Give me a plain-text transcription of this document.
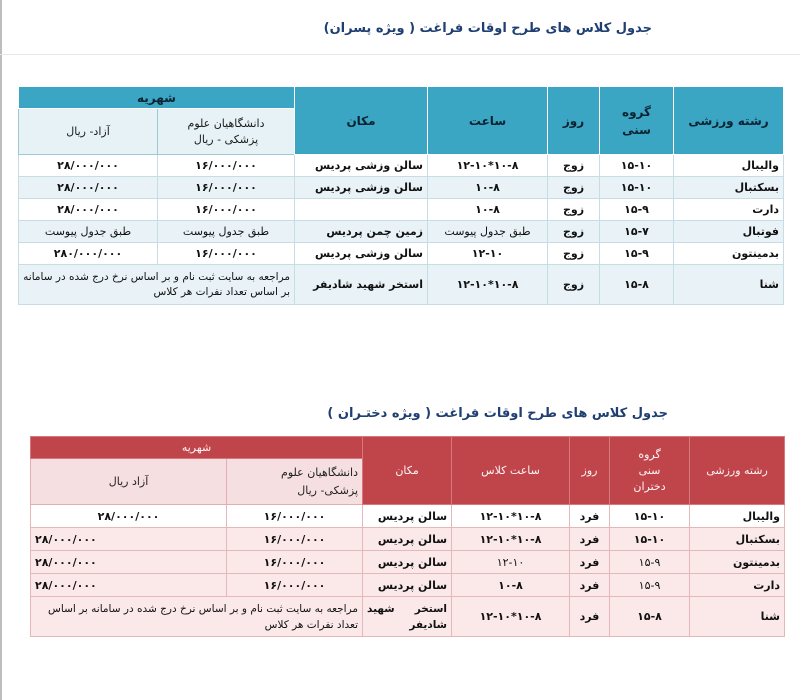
جدول کلاس های طرح اوقات فراغت ( ویژه پسران)
رشته ورزشی	گروه
سنی	روز	ساعت	مکان	شهریه	
					دانشگاهیان علوم
پزشکی - ریال	آزاد- ریال
والیبال	۱۵-۱۰	زوج	۱۰-۸*۱۲-۱۰	سالن وزشی پردیس	۱۶/۰۰۰/۰۰۰	۲۸/۰۰۰/۰۰۰
بسکتبال	۱۵-۱۰	زوج	۱۰-۸	سالن وزشی پردیس	۱۶/۰۰۰/۰۰۰	۲۸/۰۰۰/۰۰۰
دارت	۱۵-۹	زوج	۱۰-۸		۱۶/۰۰۰/۰۰۰	۲۸/۰۰۰/۰۰۰
فوتبال	۱۵-۷	زوج	طبق جدول پیوست	زمین چمن پردیس	طبق جدول پیوست	طبق جدول پیوست
بدمینتون	۱۵-۹	زوج	۱۲-۱۰	سالن وزشی پردیس	۱۶/۰۰۰/۰۰۰	۲۸۰/۰۰۰/۰۰۰
شنا	۱۵-۸	زوج	۱۰-۸*۱۲-۱۰	استخر شهید شادیفر	مراجعه به سایت ثبت نام و بر اساس نرخ درج شده در سامانه بر اساس تعداد نفرات هر کلاس	
جدول کلاس های طرح اوقات فراغت ( ویژه دختـران )
رشته ورزشی	گروه
سنی
دختران	روز	ساعت کلاس	مکان	شهریه	
					دانشگاهیان علوم
پزشکی- ریال	آزاد ریال
والیبال	۱۵-۱۰	فرد	۱۰-۸*۱۲-۱۰	سالن پردیس	۱۶/۰۰۰/۰۰۰	۲۸/۰۰۰/۰۰۰
بسکتبال	۱۵-۱۰	فرد	۱۰-۸*۱۲-۱۰	سالن پردیس	۱۶/۰۰۰/۰۰۰	۲۸/۰۰۰/۰۰۰
بدمینتون	۱۵-۹	فرد	۱۲-۱۰	سالن پردیس	۱۶/۰۰۰/۰۰۰	۲۸/۰۰۰/۰۰۰
دارت	۱۵-۹	فرد	۱۰-۸	سالن پردیس	۱۶/۰۰۰/۰۰۰	۲۸/۰۰۰/۰۰۰
شنا	۱۵-۸	فرد	۱۰-۸*۱۲-۱۰	استخر شهید شادیفر	مراجعه به سایت ثبت نام و بر اساس نرخ درج شده در سامانه بر اساس تعداد نفرات هر کلاس	
